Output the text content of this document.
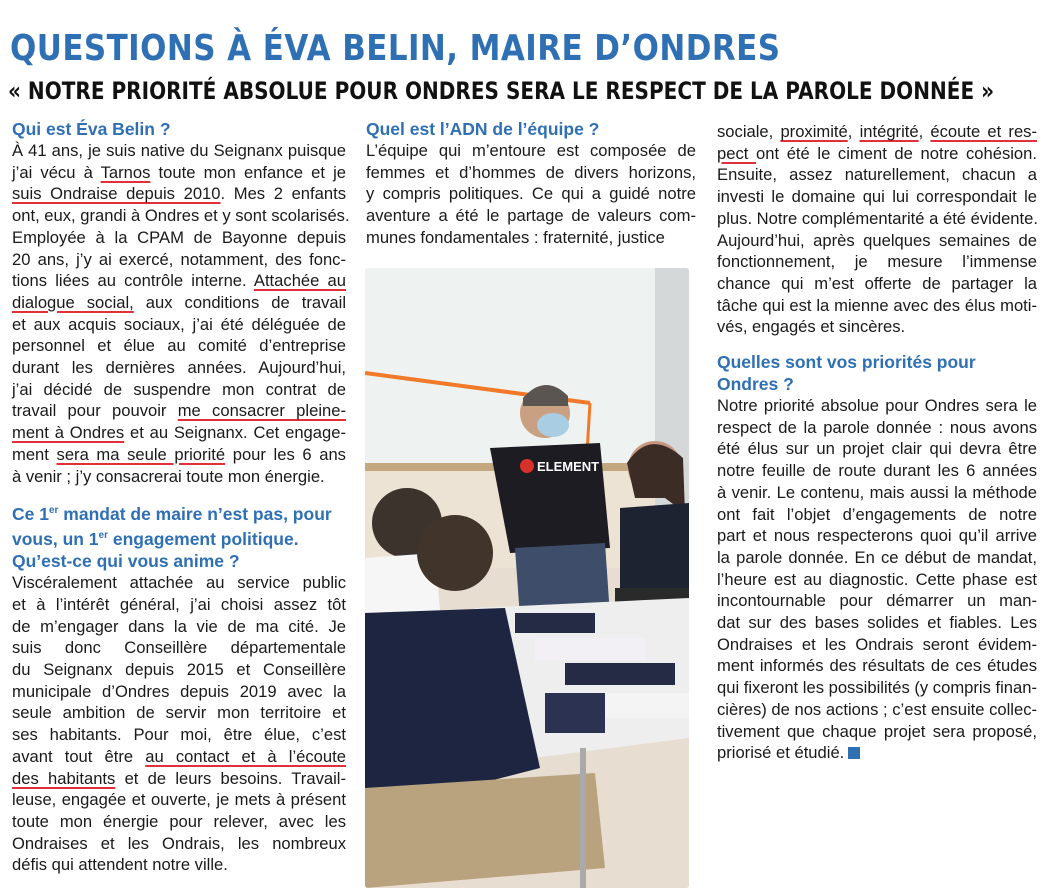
QUESTIONS À ÉVA BELIN, MAIRE D’ONDRES
« NOTRE PRIORITÉ ABSOLUE POUR ONDRES SERA LE RESPECT DE LA PAROLE DONNÉE »
Qui est Éva Belin ?
À 41 ans, je suis native du Seignanx puisque
j’ai vécu à Tarnos toute mon enfance et je
suis Ondraise depuis 2010. Mes 2 enfants
ont, eux, grandi à Ondres et y sont scolarisés.
Employée à la CPAM de Bayonne depuis
20 ans, j’y ai exercé, notamment, des fonc-
tions liées au contrôle interne. Attachée au
dialogue social, aux conditions de travail
et aux acquis sociaux, j’ai été déléguée de
personnel et élue au comité d’entreprise
durant les dernières années. Aujourd’hui,
j’ai décidé de suspendre mon contrat de
travail pour pouvoir me consacrer pleine-
ment à Ondres et au Seignanx. Cet engage-
ment sera ma seule priorité pour les 6 ans
à venir ; j’y consacrerai toute mon énergie.
Ce 1er mandat de maire n’est pas, pour vous, un 1er engagement politique. Qu’est-ce qui vous anime ?
Viscéralement attachée au service public
et à l’intérêt général, j’ai choisi assez tôt
de m’engager dans la vie de ma cité. Je
suis donc Conseillère départementale
du Seignanx depuis 2015 et Conseillère
municipale d’Ondres depuis 2019 avec la
seule ambition de servir mon territoire et
ses habitants. Pour moi, être élue, c’est
avant tout être au contact et à l’écoute
des habitants et de leurs besoins. Travail-
leuse, engagée et ouverte, je mets à présent
toute mon énergie pour relever, avec les
Ondraises et les Ondrais, les nombreux
défis qui attendent notre ville.
Quel est l’ADN de l’équipe ?
L’équipe qui m’entoure est composée de
femmes et d’hommes de divers horizons,
y compris politiques. Ce qui a guidé notre
aventure a été le partage de valeurs com-
munes fondamentales : fraternité, justice
ELEMENT
sociale, proximité, intégrité, écoute et res-
pect ont été le ciment de notre cohésion.
Ensuite, assez naturellement, chacun a
investi le domaine qui lui correspondait le
plus. Notre complémentarité a été évidente.
Aujourd’hui, après quelques semaines de
fonctionnement, je mesure l’immense
chance qui m’est offerte de partager la
tâche qui est la mienne avec des élus moti-
vés, engagés et sincères.
Quelles sont vos priorités pour Ondres ?
Notre priorité absolue pour Ondres sera le
respect de la parole donnée : nous avons
été élus sur un projet clair qui devra être
notre feuille de route durant les 6 années
à venir. Le contenu, mais aussi la méthode
ont fait l’objet d’engagements de notre
part et nous respecterons quoi qu’il arrive
la parole donnée. En ce début de mandat,
l’heure est au diagnostic. Cette phase est
incontournable pour démarrer un man-
dat sur des bases solides et fiables. Les
Ondraises et les Ondrais seront évidem-
ment informés des résultats de ces études
qui fixeront les possibilités (y compris finan-
cières) de nos actions ; c’est ensuite collec-
tivement que chaque projet sera proposé,
priorisé et étudié.
